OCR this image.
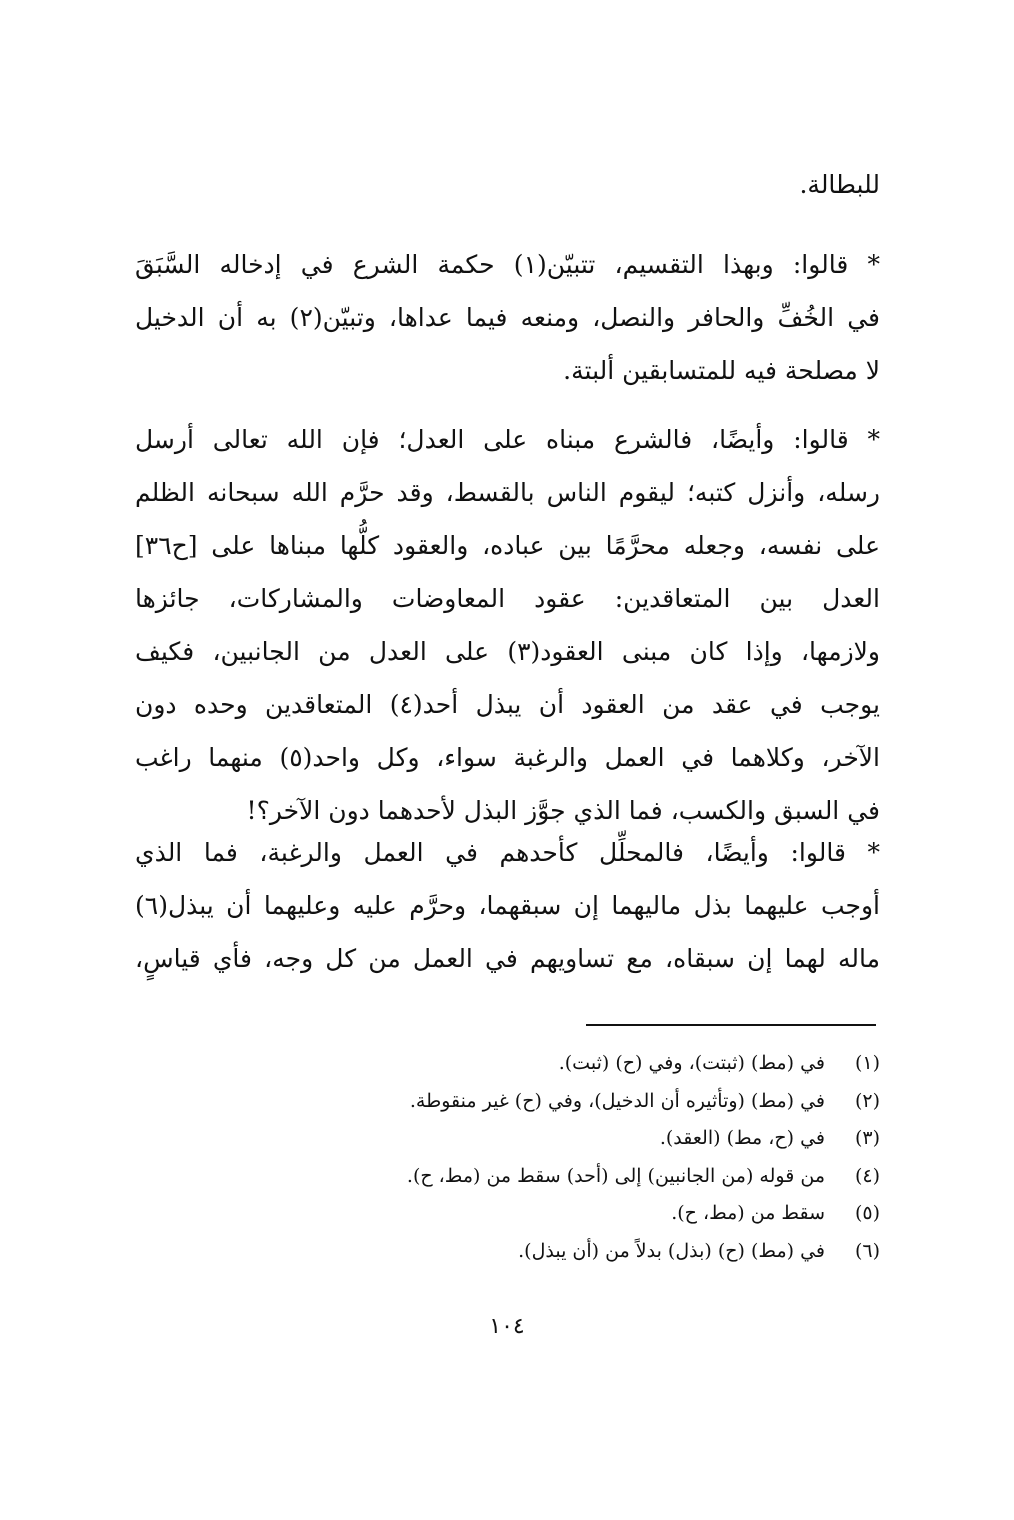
للبطالة.
* قالوا: وبهذا التقسيم، تتبيّن(١) حكمة الشرع في إدخاله السَّبَقَ
في الخُفِّ والحافر والنصل، ومنعه فيما عداها، وتبيّن(٢) به أن الدخيل
لا مصلحة فيه للمتسابقين ألبتة.
* قالوا: وأيضًا، فالشرع مبناه على العدل؛ فإن الله تعالى أرسل
رسله، وأنزل كتبه؛ ليقوم الناس بالقسط، وقد حرَّم الله سبحانه الظلم
على نفسه، وجعله محرَّمًا بين عباده، والعقود كلُّها مبناها على [ح٣٦]
العدل بين المتعاقدين: عقود المعاوضات والمشاركات، جائزها
ولازمها، وإذا كان مبنى العقود(٣) على العدل من الجانبين، فكيف
يوجب في عقد من العقود أن يبذل أحد(٤) المتعاقدين وحده دون
الآخر، وكلاهما في العمل والرغبة سواء، وكل واحد(٥) منهما راغب
في السبق والكسب، فما الذي جوَّز البذل لأحدهما دون الآخر؟!
* قالوا: وأيضًا، فالمحلِّل كأحدهم في العمل والرغبة، فما الذي
أوجب عليهما بذل ماليهما إن سبقهما، وحرَّم عليه وعليهما أن يبذل(٦)
ماله لهما إن سبقاه، مع تساويهم في العمل من كل وجه، فأي قياسٍ،
(١)في (مط) (ثبتت)، وفي (ح) (ثبت).
(٢)في (مط) (وتأثيره أن الدخيل)، وفي (ح) غير منقوطة.
(٣)في (ح، مط) (العقد).
(٤)من قوله (من الجانبين) إلى (أحد) سقط من (مط، ح).
(٥)سقط من (مط، ح).
(٦)في (مط) (ح) (بذل) بدلاً من (أن يبذل).
١٠٤
